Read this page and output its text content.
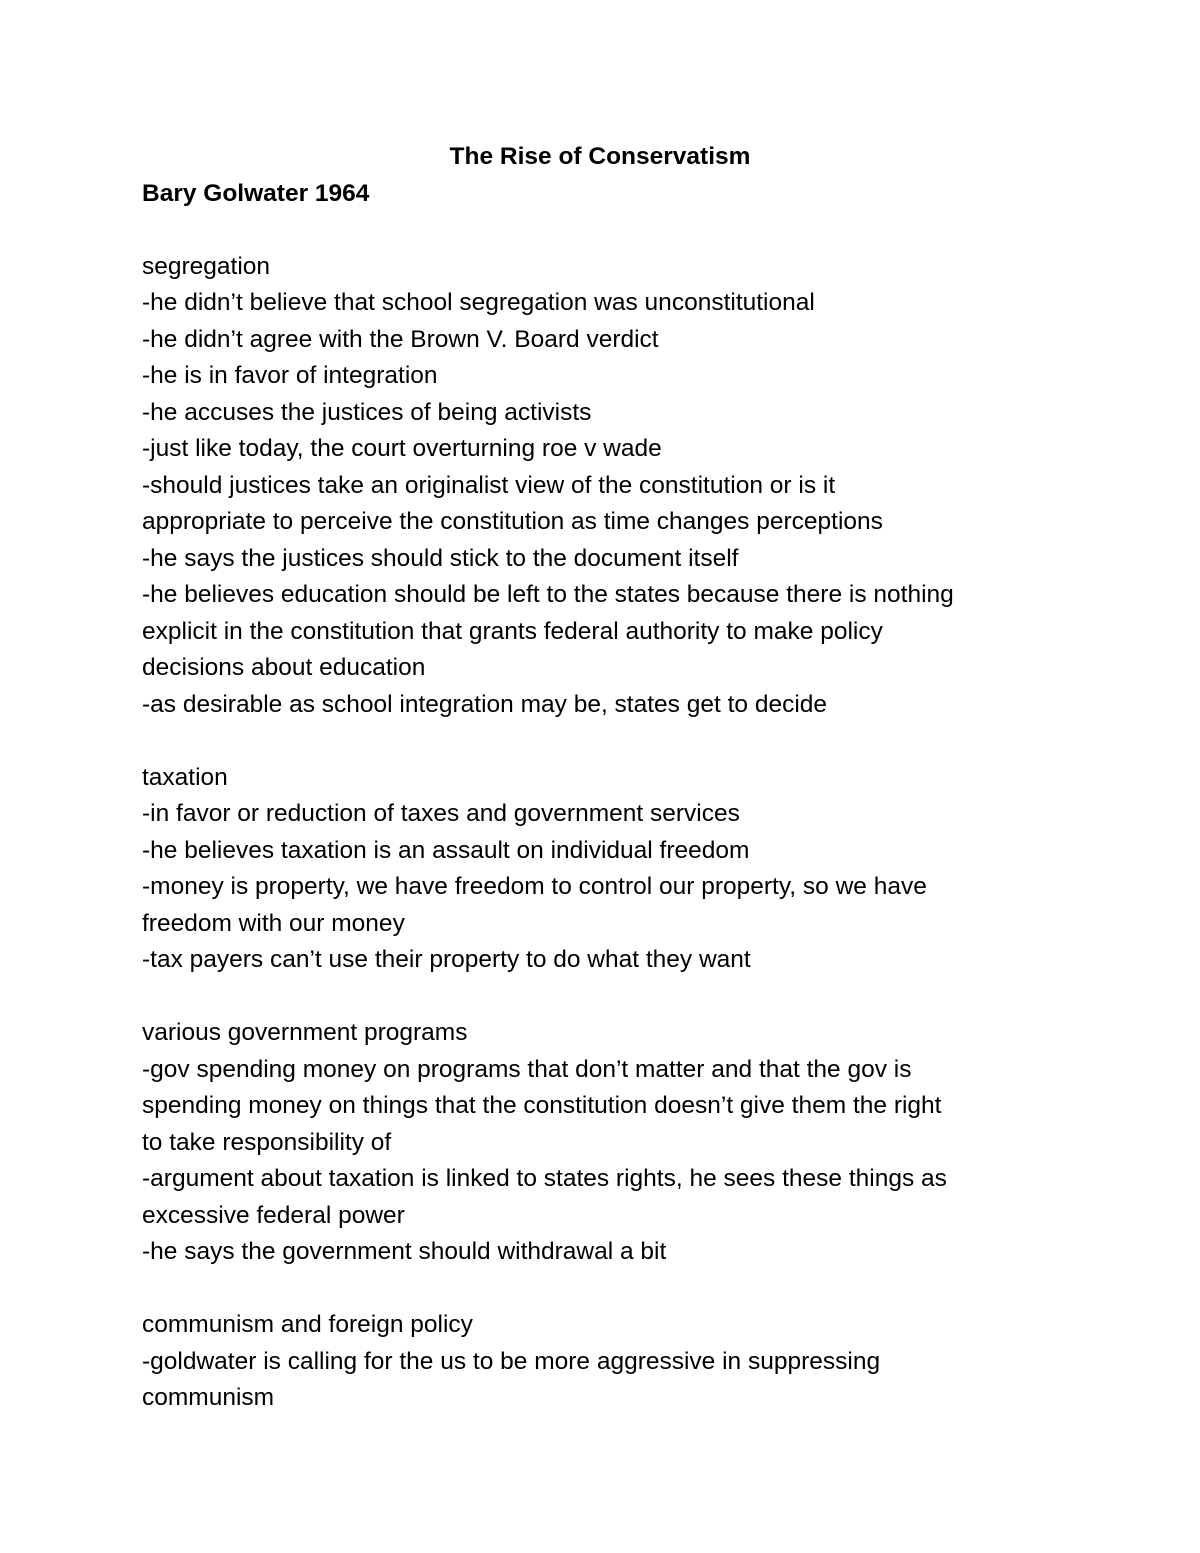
The Rise of Conservatism

Bary Golwater 1964

segregation

-he didn’t believe that school segregation was unconstitutional

-he didn’t agree with the Brown V. Board verdict

-he is in favor of integration

-he accuses the justices of being activists

-just like today, the court overturning roe v wade

-should justices take an originalist view of the constitution or is it

appropriate to perceive the constitution as time changes perceptions

-he says the justices should stick to the document itself

-he believes education should be left to the states because there is nothing

explicit in the constitution that grants federal authority to make policy

decisions about education

-as desirable as school integration may be, states get to decide

taxation

-in favor or reduction of taxes and government services

-he believes taxation is an assault on individual freedom

-money is property, we have freedom to control our property, so we have

freedom with our money

-tax payers can’t use their property to do what they want

various government programs

-gov spending money on programs that don’t matter and that the gov is

spending money on things that the constitution doesn’t give them the right

to take responsibility of

-argument about taxation is linked to states rights, he sees these things as

excessive federal power

-he says the government should withdrawal a bit

communism and foreign policy

-goldwater is calling for the us to be more aggressive in suppressing

communism
